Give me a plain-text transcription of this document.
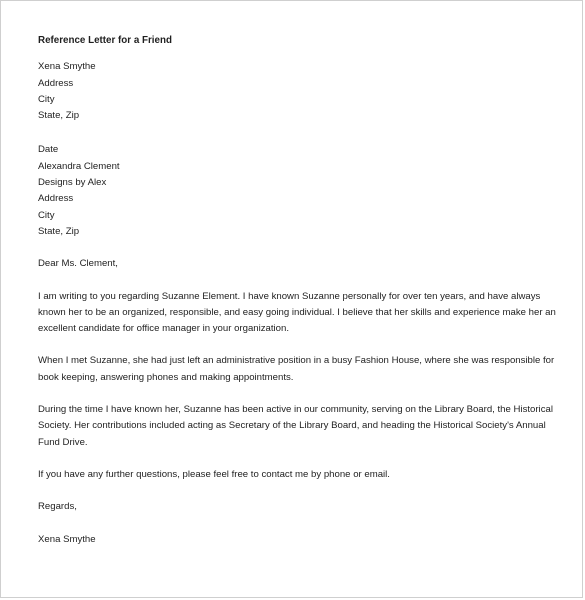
Reference Letter for a Friend
Xena Smythe
Address
City
State, Zip
Date
Alexandra Clement
Designs by Alex
Address
City
State, Zip
Dear Ms. Clement,

I am writing to you regarding Suzanne Element. I have known Suzanne personally for over ten years, and have always
known her to be an organized, responsible, and easy going individual. I believe that her skills and experience make her an
excellent candidate for office manager in your organization.

When I met Suzanne, she had just left an administrative position in a busy Fashion House, where she was responsible for
book keeping, answering phones and making appointments.

During the time I have known her, Suzanne has been active in our community, serving on the Library Board, the Historical
Society. Her contributions included acting as Secretary of the Library Board, and heading the Historical Society's Annual
Fund Drive.

If you have any further questions, please feel free to contact me by phone or email.

Regards,
Xena Smythe
